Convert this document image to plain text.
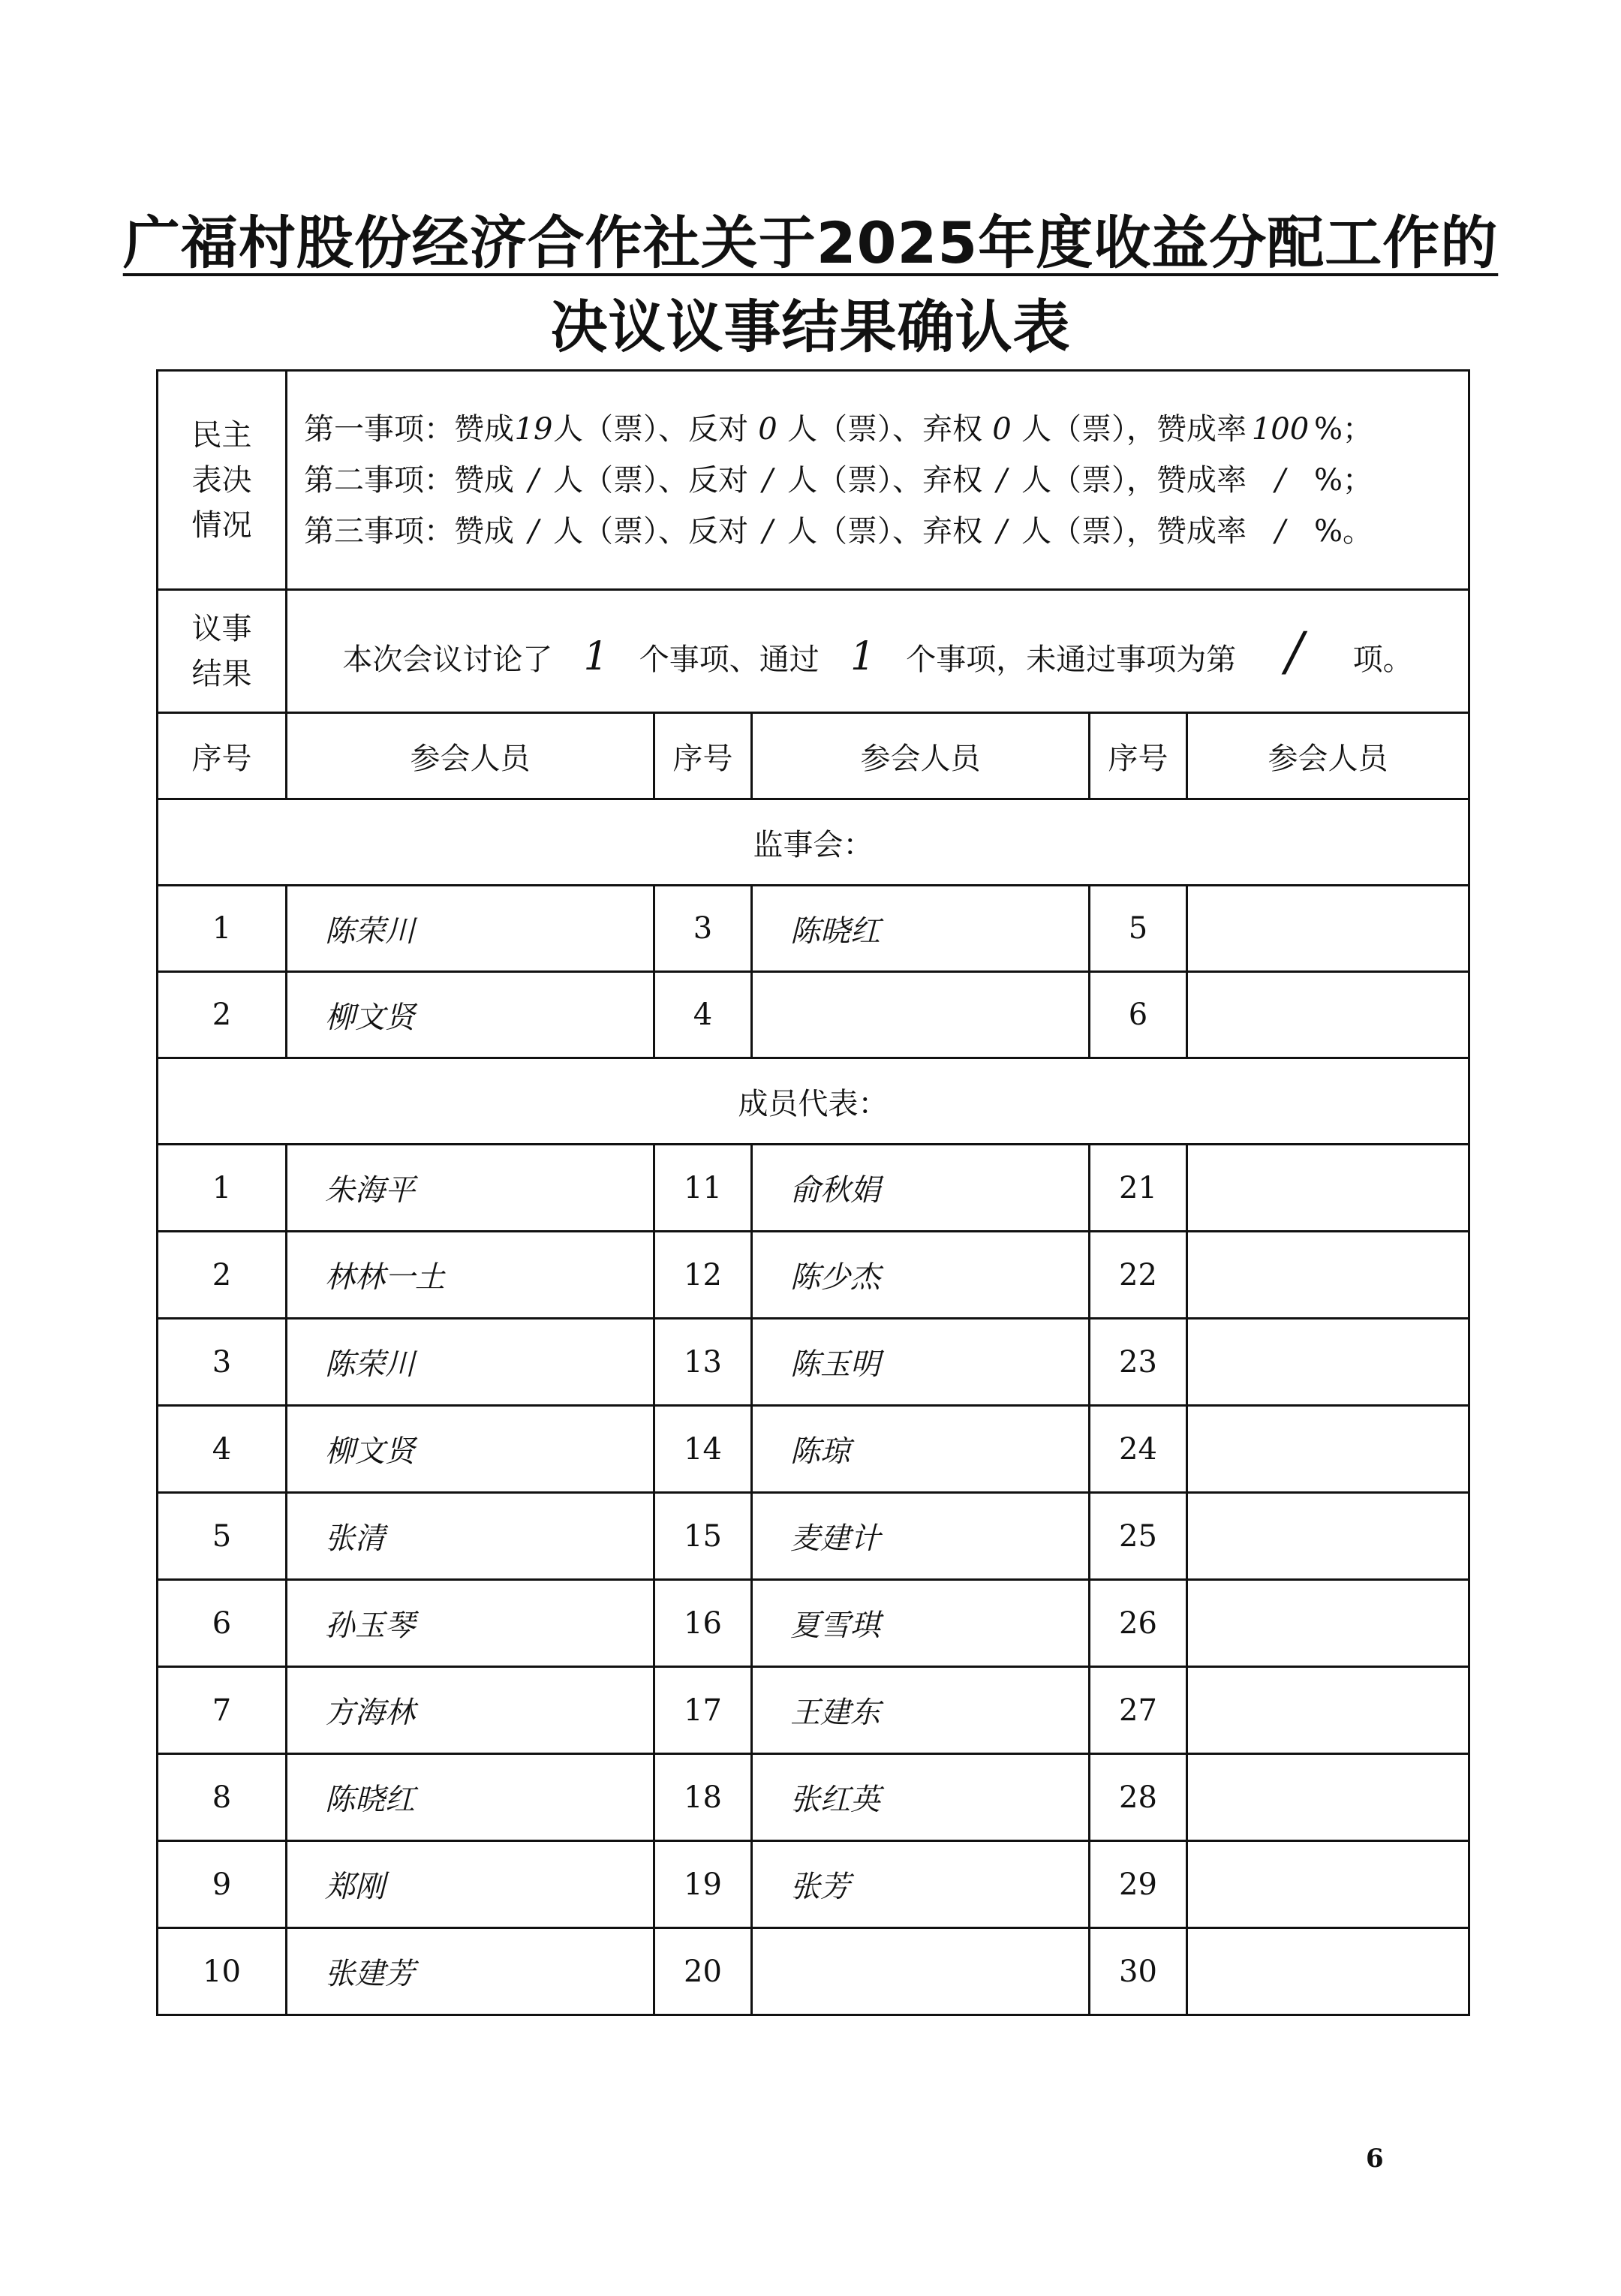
广福村股份经济合作社关于2025年度收益分配工作的
决议议事结果确认表
民主表决情况	第一事项：赞成19人（票）、反对 0 人（票）、弃权 0 人（票），赞成率 100 %；
第二事项：赞成 / 人（票）、反对 / 人（票）、弃权 / 人（票），赞成率 / %；
第三事项：赞成 / 人（票）、反对 / 人（票）、弃权 / 人（票），赞成率 / %。				

议事结果	本次会议讨论了 1 个事项、通过 1 个事项，未通过事项为第 / 项。				
序号	参会人员	序号	参会人员	序号	参会人员
监事会：					
1	陈荣川	3	陈晓红	5	
2	柳文贤	4		6	
成员代表：					
1	朱海平	11	俞秋娟	21	
2	林林一土	12	陈少杰	22	
3	陈荣川	13	陈玉明	23	
4	柳文贤	14	陈琼	24	
5	张清	15	麦建计	25	
6	孙玉琴	16	夏雪琪	26	
7	方海林	17	王建东	27	
8	陈晓红	18	张红英	28	
9	郑刚	19	张芳	29	
10	张建芳	20		30	
6
